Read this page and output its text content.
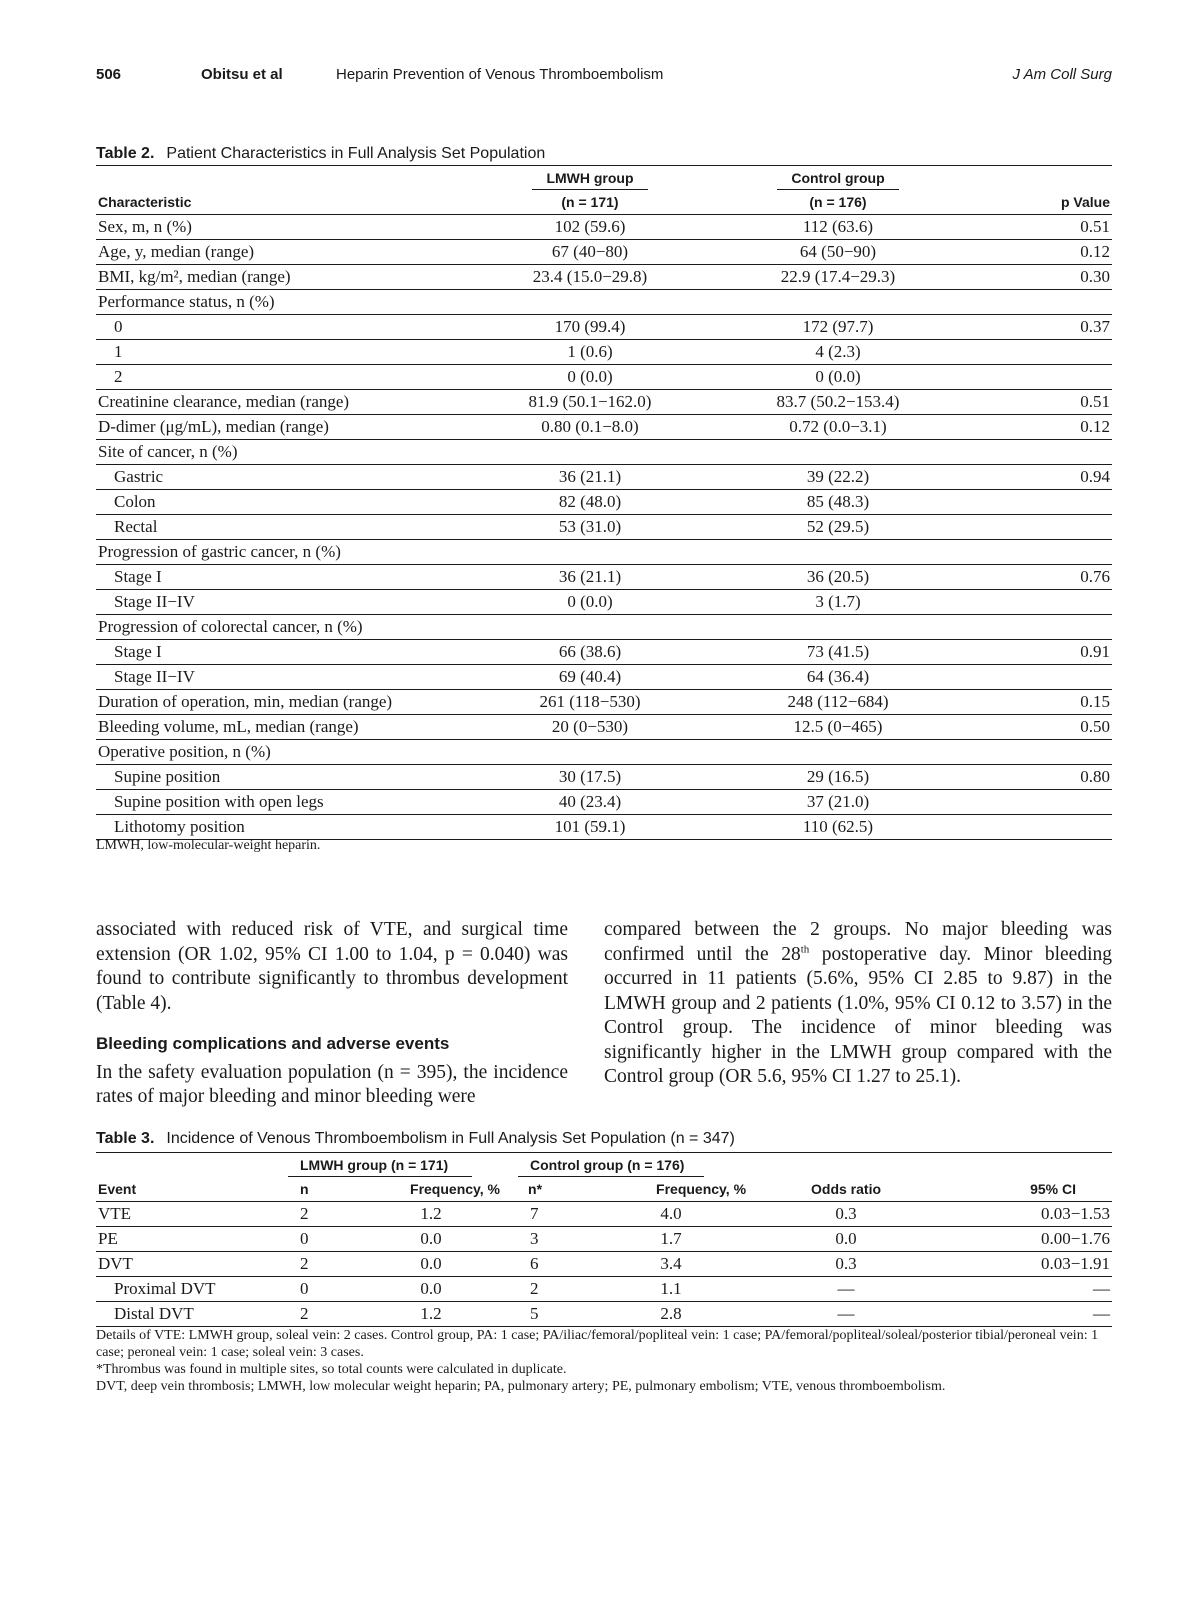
506	Obitsu et al	Heparin Prevention of Venous Thromboembolism	J Am Coll Surg
Table 2. Patient Characteristics in Full Analysis Set Population
	LMWH group		Control group	
Characteristic	(n = 171)		(n = 176)	p Value
Sex, m, n (%)	102 (59.6)		112 (63.6)	0.51
Age, y, median (range)	67 (40−80)		64 (50−90)	0.12
BMI, kg/m², median (range)	23.4 (15.0−29.8)		22.9 (17.4−29.3)	0.30
Performance status, n (%)				
0	170 (99.4)		172 (97.7)	0.37
1	1 (0.6)		4 (2.3)	
2	0 (0.0)		0 (0.0)	
Creatinine clearance, median (range)	81.9 (50.1−162.0)		83.7 (50.2−153.4)	0.51
D-dimer (μg/mL), median (range)	0.80 (0.1−8.0)		0.72 (0.0−3.1)	0.12
Site of cancer, n (%)				
Gastric	36 (21.1)		39 (22.2)	0.94
Colon	82 (48.0)		85 (48.3)	
Rectal	53 (31.0)		52 (29.5)	
Progression of gastric cancer, n (%)				
Stage I	36 (21.1)		36 (20.5)	0.76
Stage II−IV	0 (0.0)		3 (1.7)	
Progression of colorectal cancer, n (%)				
Stage I	66 (38.6)		73 (41.5)	0.91
Stage II−IV	69 (40.4)		64 (36.4)	
Duration of operation, min, median (range)	261 (118−530)		248 (112−684)	0.15
Bleeding volume, mL, median (range)	20 (0−530)		12.5 (0−465)	0.50
Operative position, n (%)				
Supine position	30 (17.5)		29 (16.5)	0.80
Supine position with open legs	40 (23.4)		37 (21.0)	
Lithotomy position	101 (59.1)		110 (62.5)	
LMWH, low-molecular-weight heparin.

associated with reduced risk of VTE, and surgical time extension (OR 1.02, 95% CI 1.00 to 1.04, p = 0.040) was found to contribute significantly to thrombus development (Table 4).

Bleeding complications and adverse events

In the safety evaluation population (n = 395), the incidence rates of major bleeding and minor bleeding were

compared between the 2 groups. No major bleeding was confirmed until the 28th postoperative day. Minor bleeding occurred in 11 patients (5.6%, 95% CI 2.85 to 9.87) in the LMWH group and 2 patients (1.0%, 95% CI 0.12 to 3.57) in the Control group. The incidence of minor bleeding was significantly higher in the LMWH group compared with the Control group (OR 5.6, 95% CI 1.27 to 25.1).

Table 3. Incidence of Venous Thromboembolism in Full Analysis Set Population (n = 347)
	LMWH group (n = 171)		Control group (n = 176)			
Event	n	Frequency, %	n*	Frequency, %	Odds ratio	95% CI
VTE	2	1.2	7	4.0	0.3	0.03−1.53
PE	0	0.0	3	1.7	0.0	0.00−1.76
DVT	2	0.0	6	3.4	0.3	0.03−1.91
Proximal DVT	0	0.0	2	1.1	—	—
Distal DVT	2	1.2	5	2.8	—	—

Details of VTE: LMWH group, soleal vein: 2 cases. Control group, PA: 1 case; PA/iliac/femoral/popliteal vein: 1 case; PA/femoral/popliteal/soleal/posterior tibial/peroneal vein: 1 case; peroneal vein: 1 case; soleal vein: 3 cases.

*Thrombus was found in multiple sites, so total counts were calculated in duplicate.

DVT, deep vein thrombosis; LMWH, low molecular weight heparin; PA, pulmonary artery; PE, pulmonary embolism; VTE, venous thromboembolism.
